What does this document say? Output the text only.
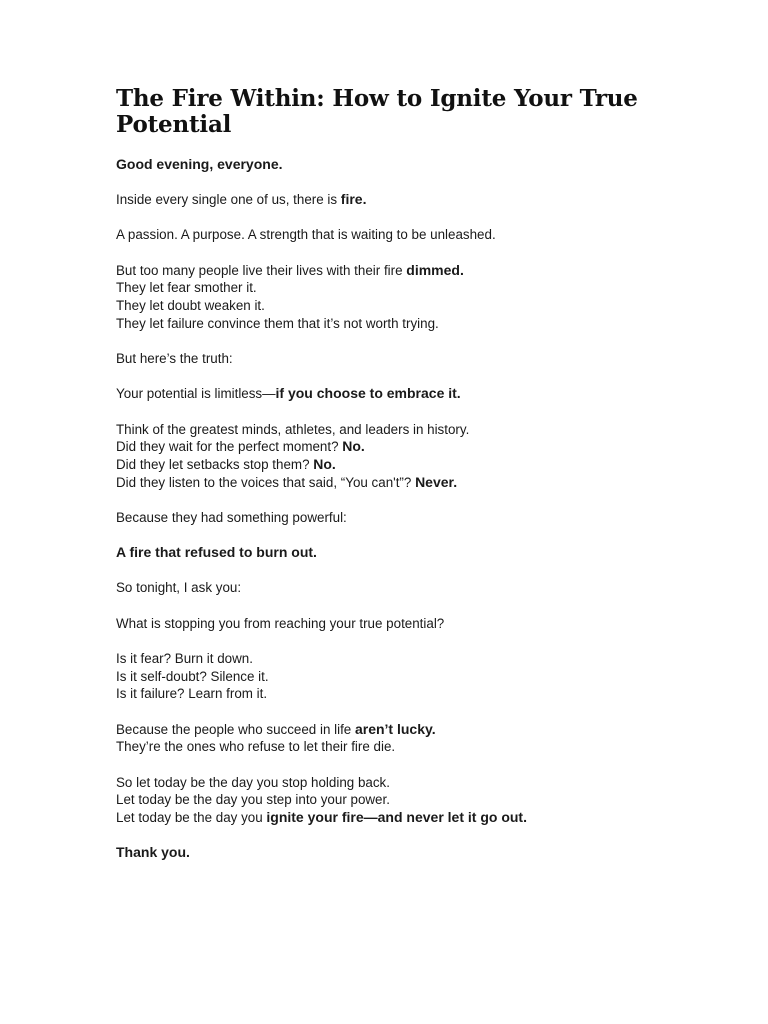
The Fire Within: How to Ignite Your True Potential
Good evening, everyone.
Inside every single one of us, there is fire.
A passion. A purpose. A strength that is waiting to be unleashed.
But too many people live their lives with their fire dimmed.
They let fear smother it.
They let doubt weaken it.
They let failure convince them that it’s not worth trying.
But here’s the truth:
Your potential is limitless—if you choose to embrace it.
Think of the greatest minds, athletes, and leaders in history.
Did they wait for the perfect moment? No.
Did they let setbacks stop them? No.
Did they listen to the voices that said, “You can't”? Never.
Because they had something powerful:
A fire that refused to burn out.
So tonight, I ask you:
What is stopping you from reaching your true potential?
Is it fear? Burn it down.
Is it self-doubt? Silence it.
Is it failure? Learn from it.
Because the people who succeed in life aren’t lucky.
They’re the ones who refuse to let their fire die.
So let today be the day you stop holding back.
Let today be the day you step into your power.
Let today be the day you ignite your fire—and never let it go out.
Thank you.
